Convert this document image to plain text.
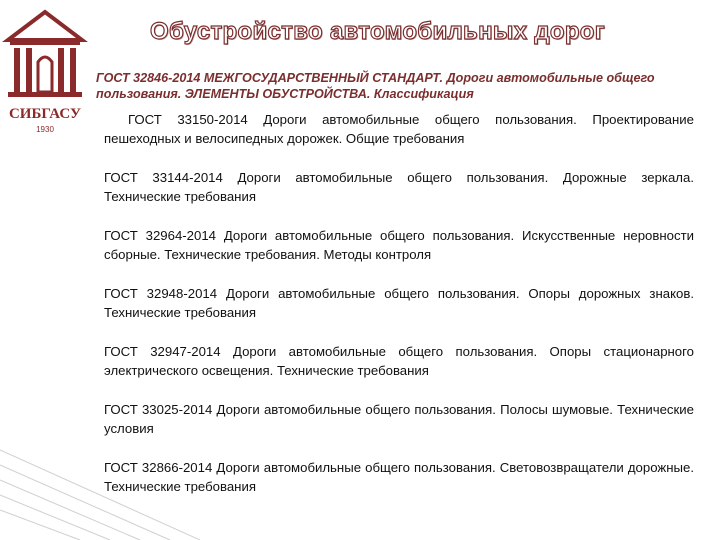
СИБГАСУ
1930
Обустройство автомобильных дорог
ГОСТ 32846-2014 МЕЖГОСУДАРСТВЕННЫЙ СТАНДАРТ. Дороги автомобильные общего пользования. ЭЛЕМЕНТЫ ОБУСТРОЙСТВА. Классификация
ГОСТ 33150-2014 Дороги автомобильные общего пользования. Проектирование пешеходных и велосипедных дорожек. Общие требования
ГОСТ 33144-2014 Дороги автомобильные общего пользования. Дорожные зеркала. Технические требования
ГОСТ 32964-2014 Дороги автомобильные общего пользования. Искусственные неровности сборные. Технические требования. Методы контроля
ГОСТ 32948-2014 Дороги автомобильные общего пользования. Опоры дорожных знаков. Технические требования
ГОСТ 32947-2014 Дороги автомобильные общего пользования. Опоры стационарного электрического освещения. Технические требования
ГОСТ 33025-2014 Дороги автомобильные общего пользования. Полосы шумовые. Технические условия
ГОСТ 32866-2014 Дороги автомобильные общего пользования. Световозвращатели дорожные. Технические требования
